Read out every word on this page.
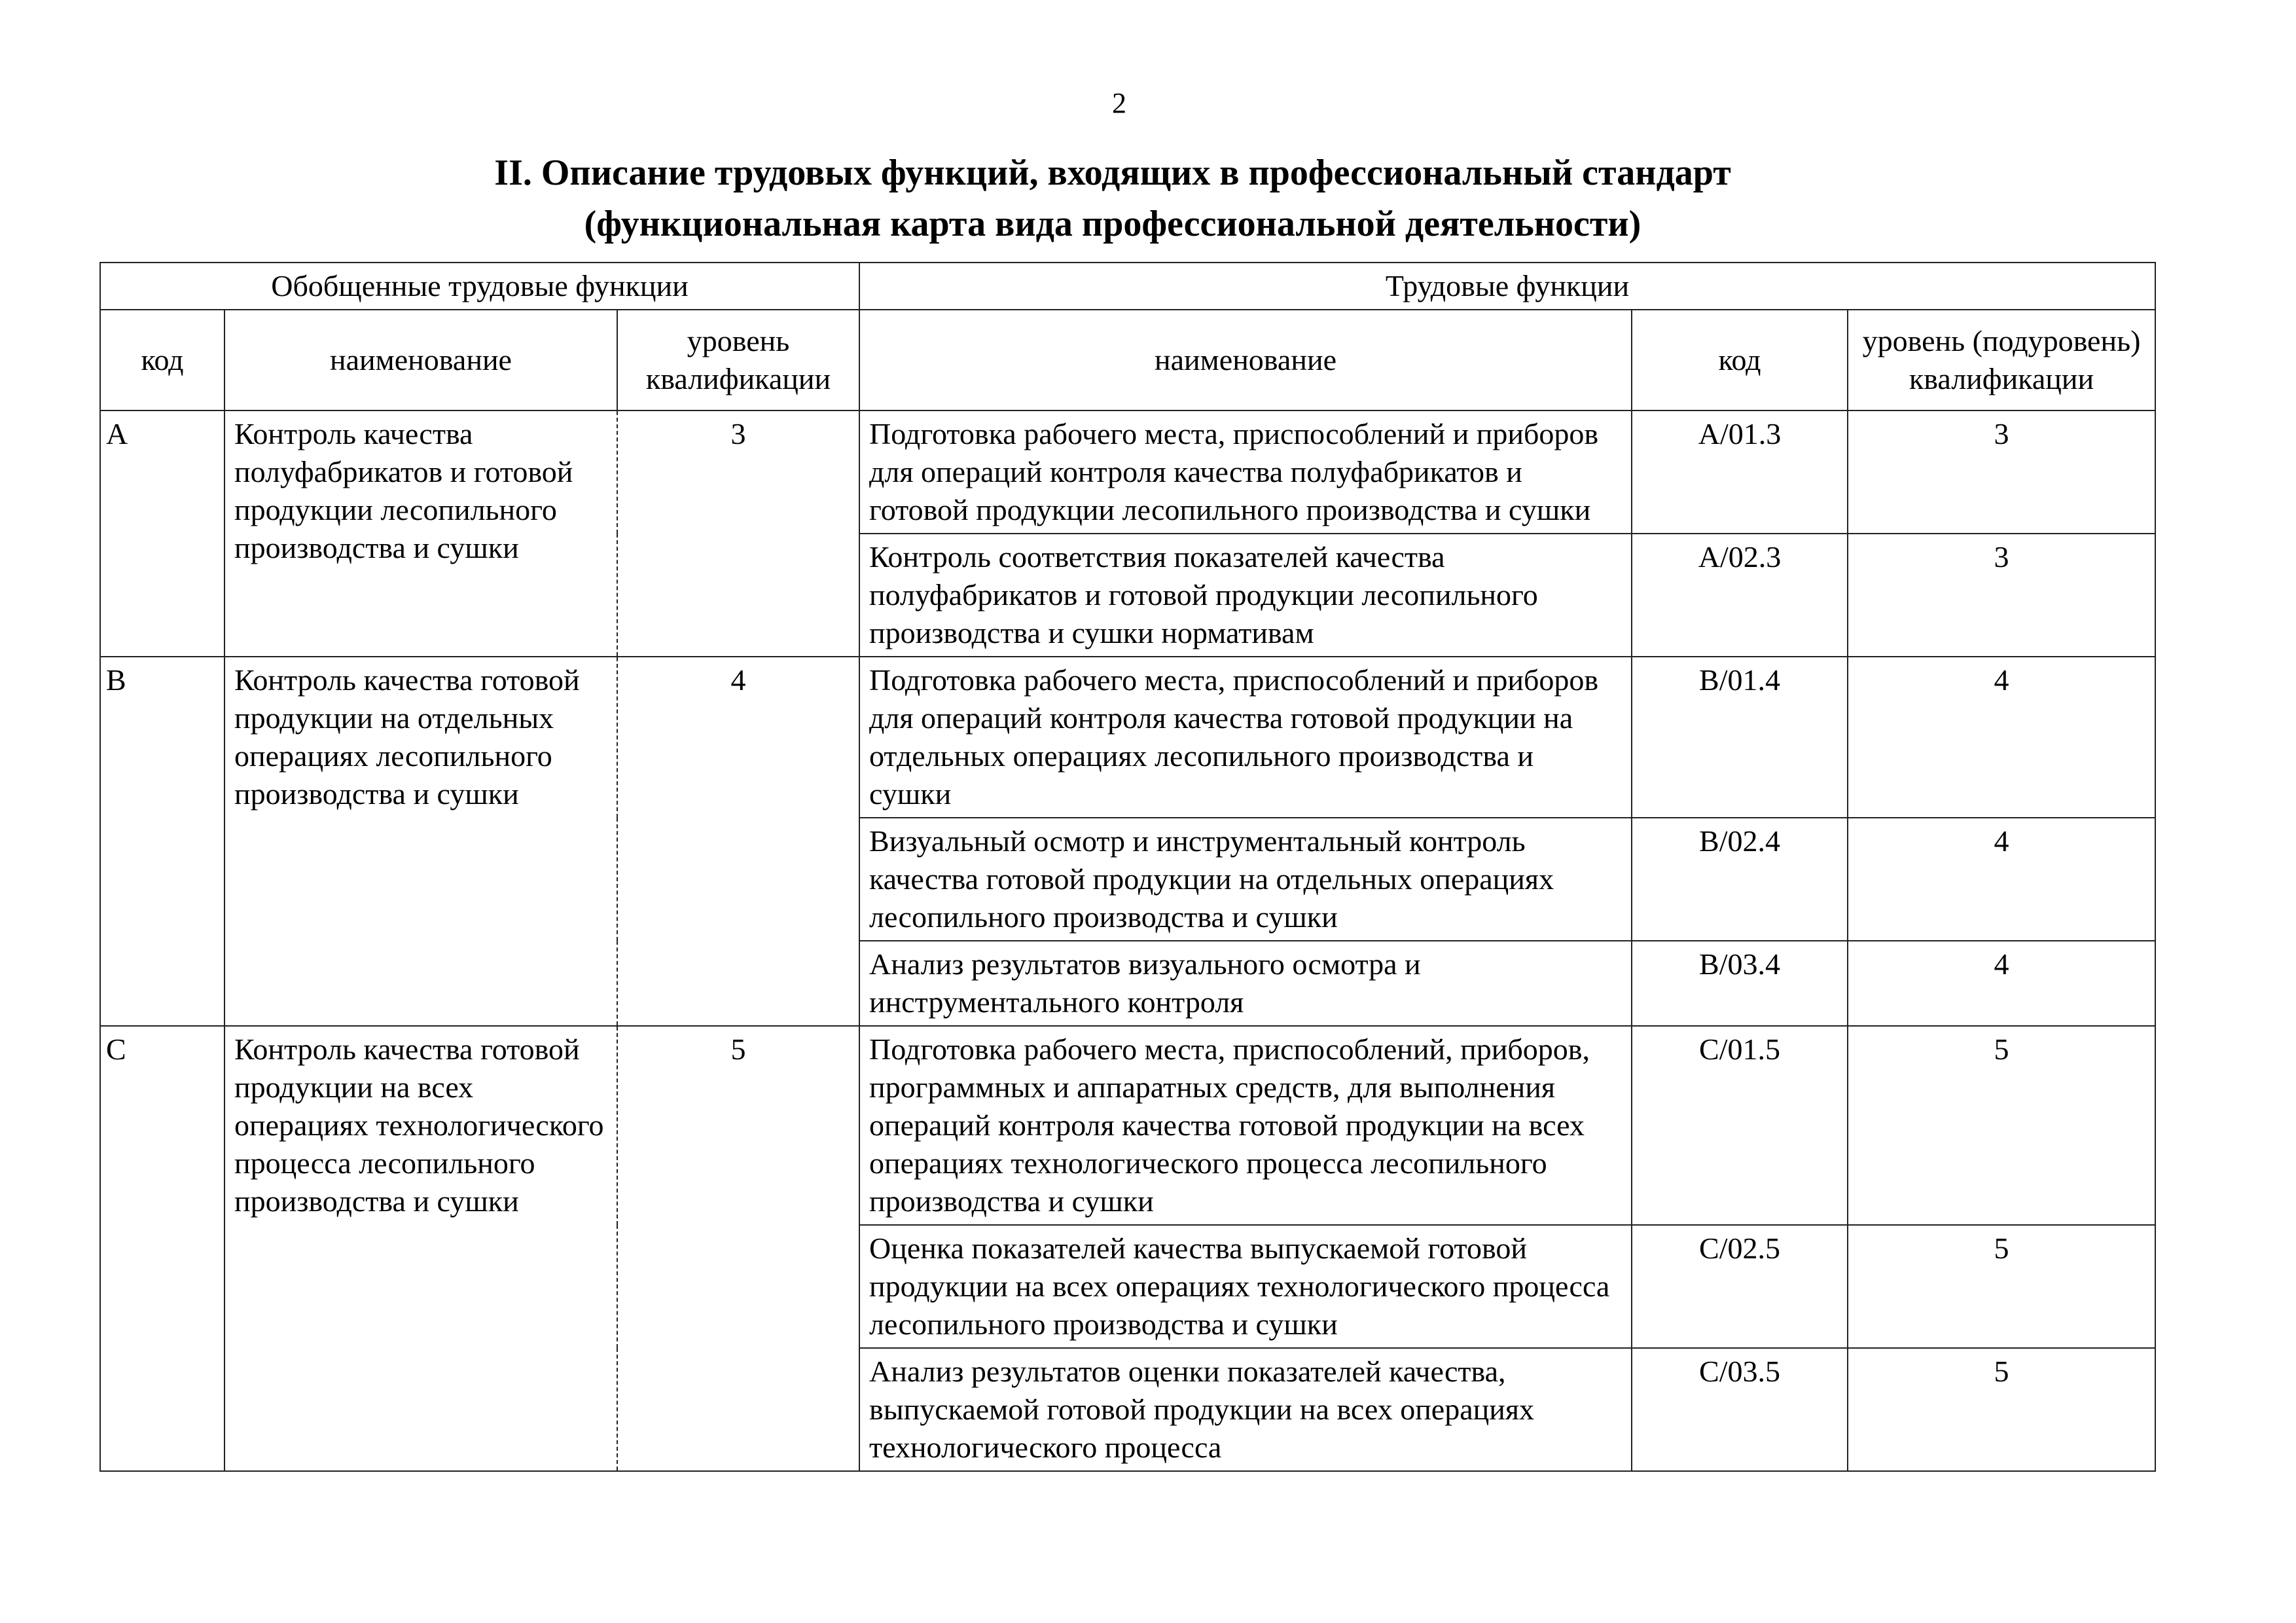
2
II. Описание трудовых функций, входящих в профессиональный стандарт
(функциональная карта вида профессиональной деятельности)
Обобщенные трудовые функции			Трудовые функции		
код	наименование	уровень квалификации	наименование	код	уровень (подуровень) квалификации
A	Контроль качества полуфабрикатов и готовой продукции лесопильного производства и сушки	3	Подготовка рабочего места, приспособлений и приборов для операций контроля качества полуфабрикатов и готовой продукции лесопильного производства и сушки	A/01.3	3
			Контроль соответствия показателей качества полуфабрикатов и готовой продукции лесопильного производства и сушки нормативам	A/02.3	3
B	Контроль качества готовой продукции на отдельных операциях лесопильного производства и сушки	4	Подготовка рабочего места, приспособлений и приборов для операций контроля качества готовой продукции на отдельных операциях лесопильного производства и сушки	B/01.4	4
			Визуальный осмотр и инструментальный контроль качества готовой продукции на отдельных операциях лесопильного производства и сушки	B/02.4	4
			Анализ результатов визуального осмотра и инструментального контроля	B/03.4	4
C	Контроль качества готовой продукции на всех операциях технологического процесса лесопильного производства и сушки	5	Подготовка рабочего места, приспособлений, приборов, программных и аппаратных средств, для выполнения операций контроля качества готовой продукции на всех операциях технологического процесса лесопильного производства и сушки	C/01.5	5
			Оценка показателей качества выпускаемой готовой продукции на всех операциях технологического процесса лесопильного производства и сушки	C/02.5	5
			Анализ результатов оценки показателей качества, выпускаемой готовой продукции на всех операциях технологического процесса	C/03.5	5
